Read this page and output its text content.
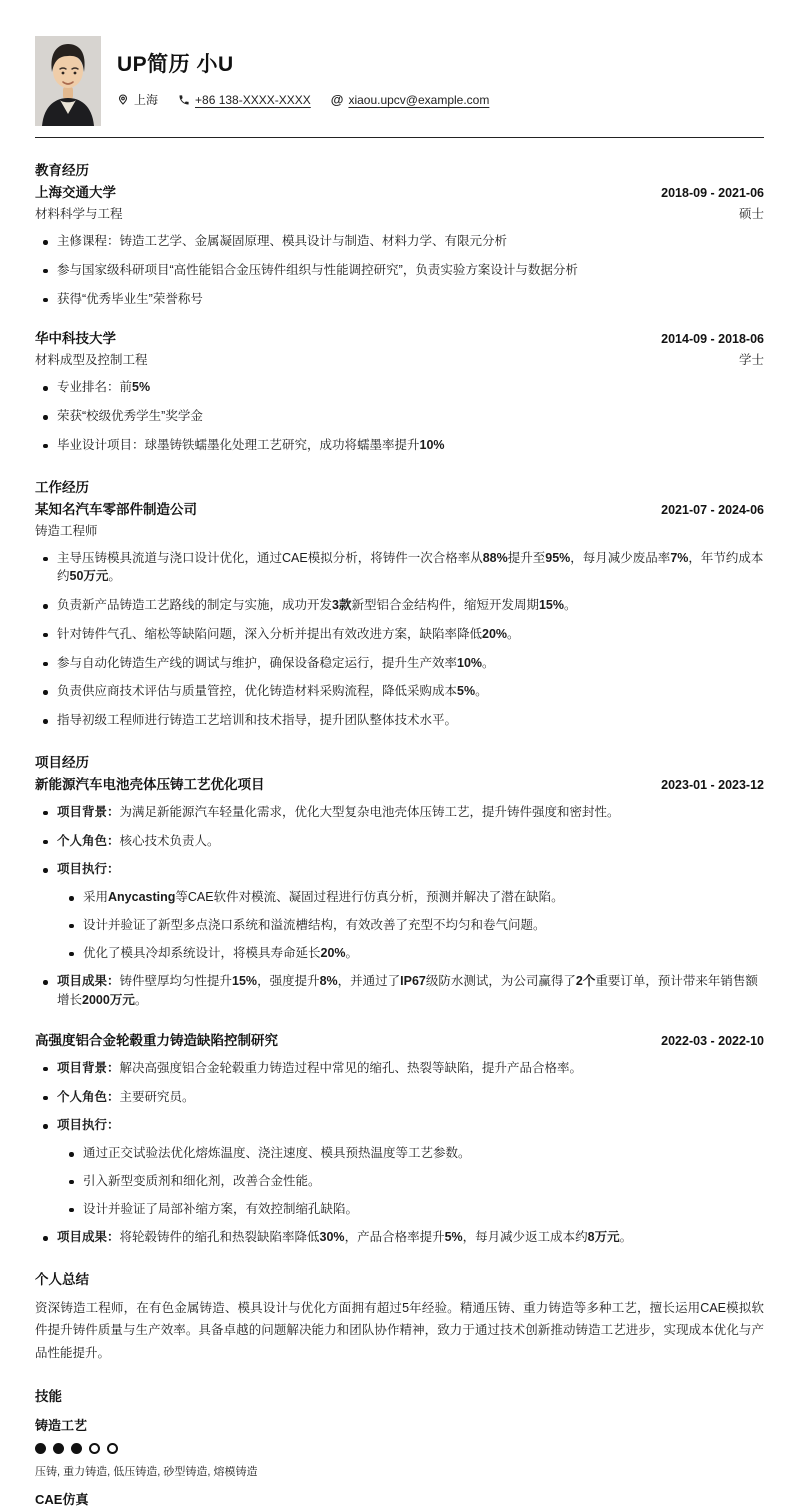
UP简历 小U
上海	+86 138-XXXX-XXXX @ xiaou.upcv@example.com
教育经历
上海交通大学	2018-09 - 2021-06
材料科学与工程	硕士
主修课程：铸造工艺学、金属凝固原理、模具设计与制造、材料力学、有限元分析
参与国家级科研项目“高性能铝合金压铸件组织与性能调控研究”，负责实验方案设计与数据分析
获得“优秀毕业生”荣誉称号
华中科技大学	2014-09 - 2018-06
材料成型及控制工程	学士
专业排名：前5%
荣获“校级优秀学生”奖学金
毕业设计项目：球墨铸铁蠕墨化处理工艺研究，成功将蠕墨率提升10%
工作经历
某知名汽车零部件制造公司	2021-07 - 2024-06
铸造工程师
主导压铸模具流道与浇口设计优化，通过CAE模拟分析，将铸件一次合格率从88%提升至95%，每月减少废品率7%，年节约成本约50万元。
负责新产品铸造工艺路线的制定与实施，成功开发3款新型铝合金结构件，缩短开发周期15%。
针对铸件气孔、缩松等缺陷问题，深入分析并提出有效改进方案，缺陷率降低20%。
参与自动化铸造生产线的调试与维护，确保设备稳定运行，提升生产效率10%。
负责供应商技术评估与质量管控，优化铸造材料采购流程，降低采购成本5%。
指导初级工程师进行铸造工艺培训和技术指导，提升团队整体技术水平。
项目经历
新能源汽车电池壳体压铸工艺优化项目	2023-01 - 2023-12
项目背景：为满足新能源汽车轻量化需求，优化大型复杂电池壳体压铸工艺，提升铸件强度和密封性。
个人角色：核心技术负责人。
项目执行：
采用Anycasting等CAE软件对模流、凝固过程进行仿真分析，预测并解决了潜在缺陷。
设计并验证了新型多点浇口系统和溢流槽结构，有效改善了充型不均匀和卷气问题。
优化了模具冷却系统设计，将模具寿命延长20%。
项目成果：铸件壁厚均匀性提升15%，强度提升8%，并通过了IP67级防水测试，为公司赢得了2个重要订单，预计带来年销售额增长2000万元。
高强度铝合金轮毂重力铸造缺陷控制研究	2022-03 - 2022-10
项目背景：解决高强度铝合金轮毂重力铸造过程中常见的缩孔、热裂等缺陷，提升产品合格率。
个人角色：主要研究员。
项目执行：
通过正交试验法优化熔炼温度、浇注速度、模具预热温度等工艺参数。
引入新型变质剂和细化剂，改善合金性能。
设计并验证了局部补缩方案，有效控制缩孔缺陷。
项目成果：将轮毂铸件的缩孔和热裂缺陷率降低30%，产品合格率提升5%，每月减少返工成本约8万元。
个人总结
资深铸造工程师，在有色金属铸造、模具设计与优化方面拥有超过5年经验。精通压铸、重力铸造等多种工艺，擅长运用CAE模拟软件提升铸件质量与生产效率。具备卓越的问题解决能力和团队协作精神，致力于通过技术创新推动铸造工艺进步，实现成本优化与产品性能提升。
技能
铸造工艺
压铸, 重力铸造, 低压铸造, 砂型铸造, 熔模铸造
CAE仿真
